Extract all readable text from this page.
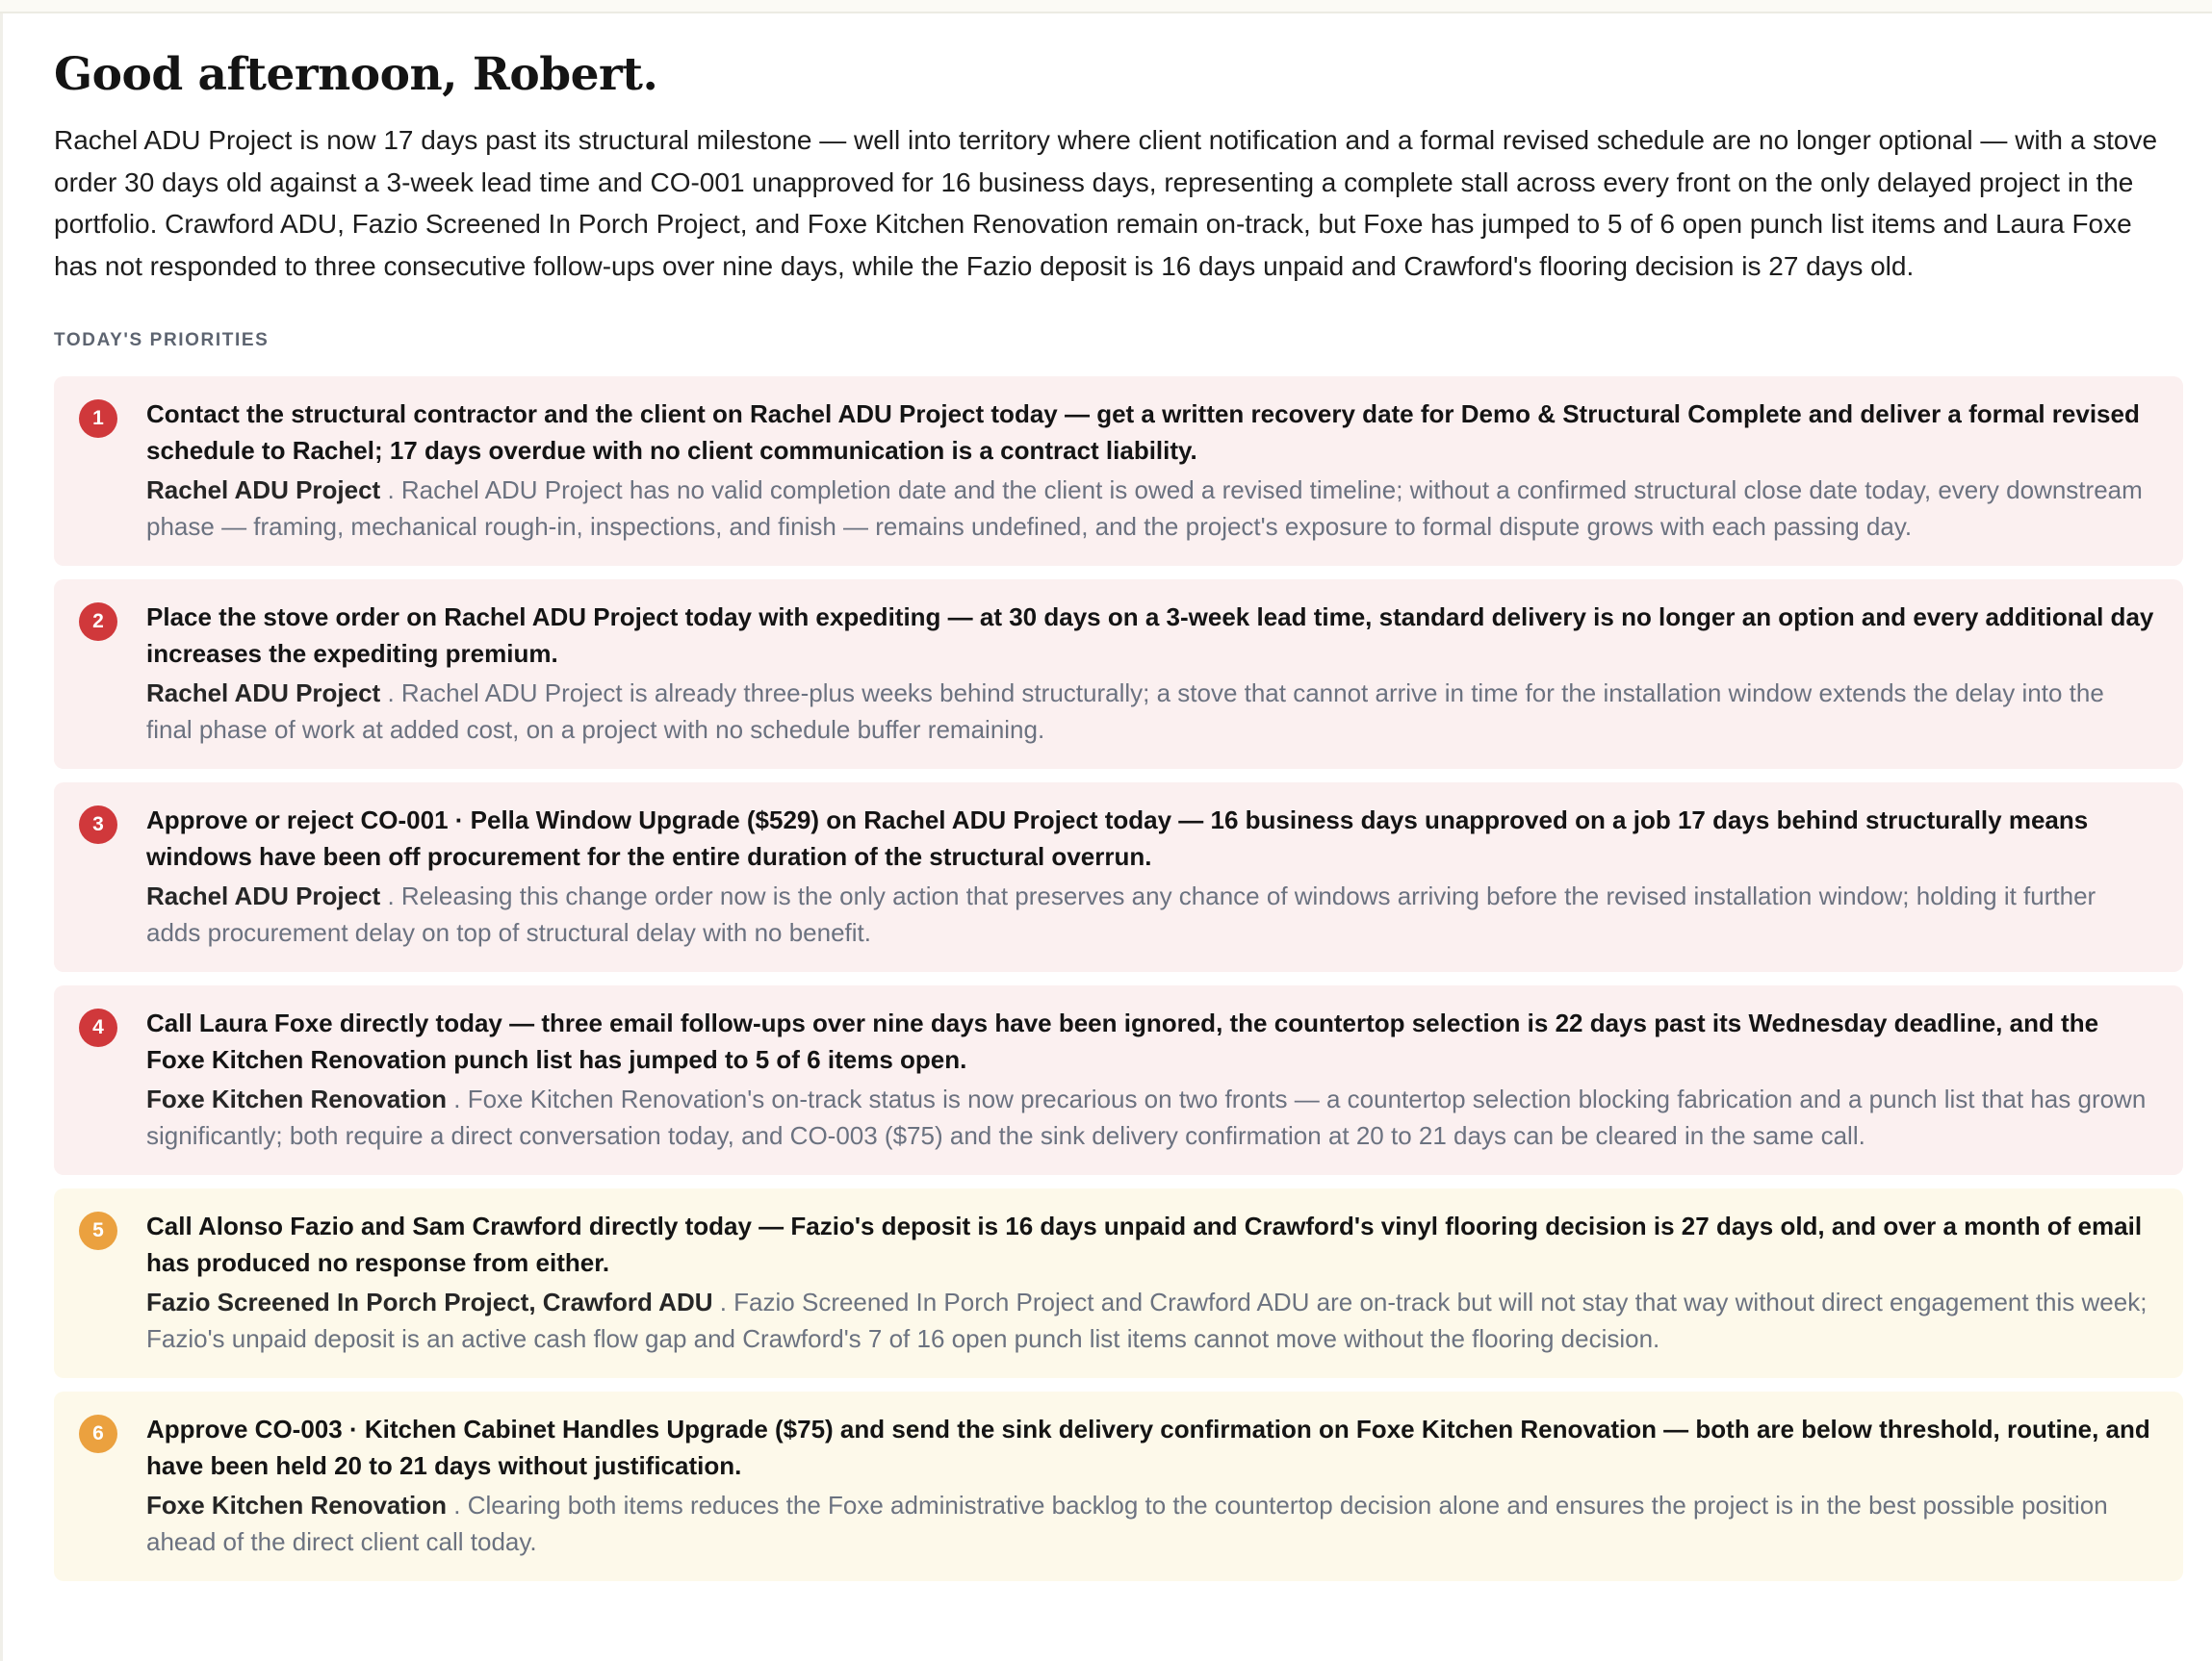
Good afternoon, Robert.

Rachel ADU Project is now 17 days past its structural milestone — well into territory where client notification and a formal revised schedule are no longer optional — with a stove order 30 days old against a 3-week lead time and CO-001 unapproved for 16 business days, representing a complete stall across every front on the only delayed project in the portfolio. Crawford ADU, Fazio Screened In Porch Project, and Foxe Kitchen Renovation remain on-track, but Foxe has jumped to 5 of 6 open punch list items and Laura Foxe has not responded to three consecutive follow-ups over nine days, while the Fazio deposit is 16 days unpaid and Crawford's flooring decision is 27 days old.

TODAY'S PRIORITIES
1	Contact the structural contractor and the client on Rachel ADU Project today — get a written recovery date for Demo & Structural Complete and deliver a formal revised schedule to Rachel; 17 days overdue with no client communication is a contract liability.
Rachel ADU Project . Rachel ADU Project has no valid completion date and the client is owed a revised timeline; without a confirmed structural close date today, every downstream phase — framing, mechanical rough-in, inspections, and finish — remains undefined, and the project's exposure to formal dispute grows with each passing day.
2	Place the stove order on Rachel ADU Project today with expediting — at 30 days on a 3-week lead time, standard delivery is no longer an option and every additional day increases the expediting premium.
Rachel ADU Project . Rachel ADU Project is already three-plus weeks behind structurally; a stove that cannot arrive in time for the installation window extends the delay into the final phase of work at added cost, on a project with no schedule buffer remaining.
3	Approve or reject CO-001 · Pella Window Upgrade ($529) on Rachel ADU Project today — 16 business days unapproved on a job 17 days behind structurally means windows have been off procurement for the entire duration of the structural overrun.
Rachel ADU Project . Releasing this change order now is the only action that preserves any chance of windows arriving before the revised installation window; holding it further adds procurement delay on top of structural delay with no benefit.
4	Call Laura Foxe directly today — three email follow-ups over nine days have been ignored, the countertop selection is 22 days past its Wednesday deadline, and the Foxe Kitchen Renovation punch list has jumped to 5 of 6 items open.
Foxe Kitchen Renovation . Foxe Kitchen Renovation's on-track status is now precarious on two fronts — a countertop selection blocking fabrication and a punch list that has grown significantly; both require a direct conversation today, and CO-003 ($75) and the sink delivery confirmation at 20 to 21 days can be cleared in the same call.
5	Call Alonso Fazio and Sam Crawford directly today — Fazio's deposit is 16 days unpaid and Crawford's vinyl flooring decision is 27 days old, and over a month of email has produced no response from either.
Fazio Screened In Porch Project, Crawford ADU . Fazio Screened In Porch Project and Crawford ADU are on-track but will not stay that way without direct engagement this week; Fazio's unpaid deposit is an active cash flow gap and Crawford's 7 of 16 open punch list items cannot move without the flooring decision.
6	Approve CO-003 · Kitchen Cabinet Handles Upgrade ($75) and send the sink delivery confirmation on Foxe Kitchen Renovation — both are below threshold, routine, and have been held 20 to 21 days without justification.
Foxe Kitchen Renovation . Clearing both items reduces the Foxe administrative backlog to the countertop decision alone and ensures the project is in the best possible position ahead of the direct client call today.
